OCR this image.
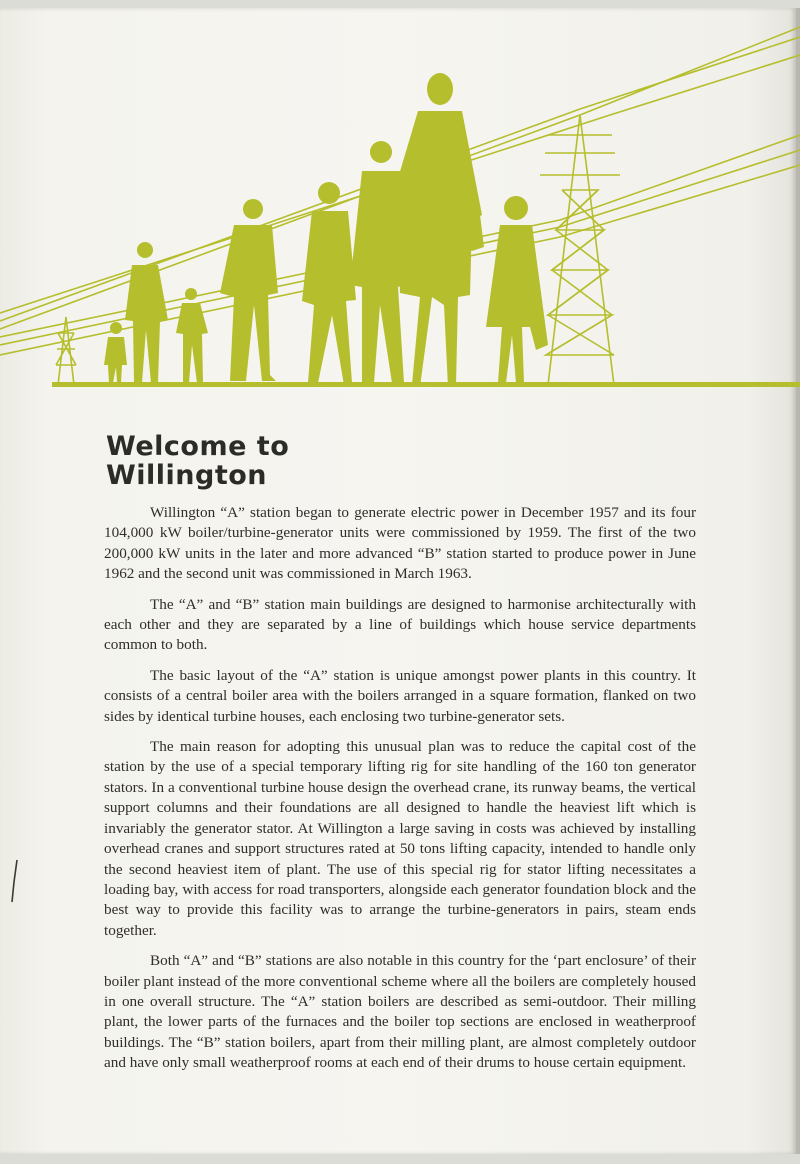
Welcome to
Willington

Willington “A” station began to generate electric power in December 1957 and its four 104,000 kW boiler/turbine-generator units were commissioned by 1959. The first of the two 200,000 kW units in the later and more advanced “B” station started to produce power in June 1962 and the second unit was commissioned in March 1963.

The “A” and “B” station main buildings are designed to harmonise architecturally with each other and they are separated by a line of buildings which house service departments common to both.

The basic layout of the “A” station is unique amongst power plants in this country. It consists of a central boiler area with the boilers arranged in a square formation, flanked on two sides by identical turbine houses, each enclosing two turbine-generator sets.

The main reason for adopting this unusual plan was to reduce the capital cost of the station by the use of a special temporary lifting rig for site handling of the 160 ton generator stators. In a conventional turbine house design the overhead crane, its runway beams, the vertical support columns and their foundations are all designed to handle the heaviest lift which is invariably the generator stator. At Willington a large saving in costs was achieved by installing overhead cranes and support structures rated at 50 tons lifting capacity, intended to handle only the second heaviest item of plant. The use of this special rig for stator lifting necessitates a loading bay, with access for road transporters, alongside each generator foundation block and the best way to provide this facility was to arrange the turbine-generators in pairs, steam ends together.

Both “A” and “B” stations are also notable in this country for the ‘part enclosure’ of their boiler plant instead of the more conventional scheme where all the boilers are completely housed in one overall structure. The “A” station boilers are described as semi-outdoor. Their milling plant, the lower parts of the furnaces and the boiler top sections are enclosed in weatherproof buildings. The “B” station boilers, apart from their milling plant, are almost completely outdoor and have only small weatherproof rooms at each end of their drums to house certain equipment.
